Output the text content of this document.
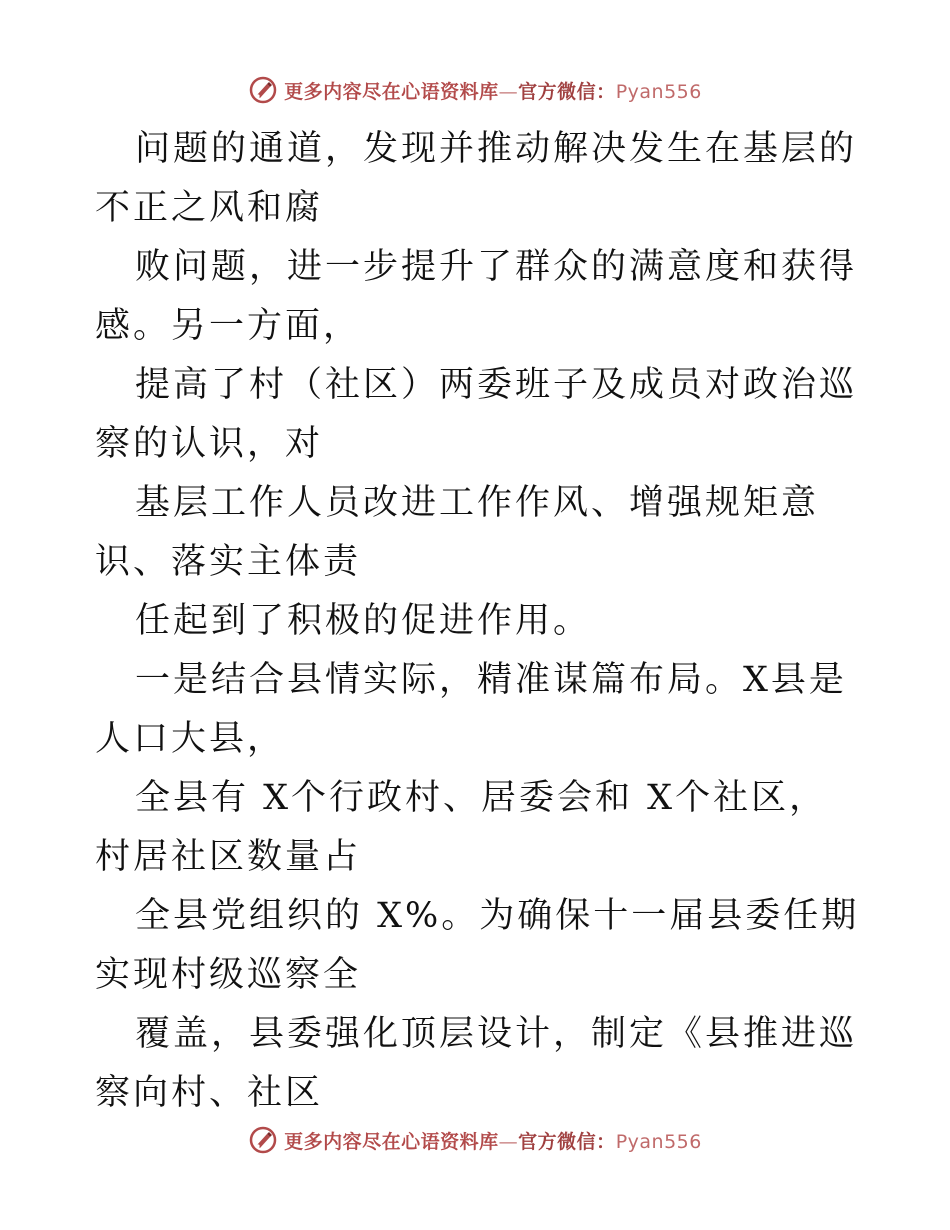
更多内容尽在心语资料库—官方微信：Pyan556

问题的通道，发现并推动解决发生在基层的不正之风和腐

败问题，进一步提升了群众的满意度和获得感。另一方面，

提高了村（社区）两委班子及成员对政治巡察的认识，对

基层工作人员改进工作作风、增强规矩意识、落实主体责

任起到了积极的促进作用。

一是结合县情实际，精准谋篇布局。X县是人口大县，

全县有 X个行政村、居委会和 X个社区，村居社区数量占

全县党组织的 X%。为确保十一届县委任期实现村级巡察全

覆盖，县委强化顶层设计，制定《县推进巡察向村、社区

更多内容尽在心语资料库—官方微信：Pyan556
